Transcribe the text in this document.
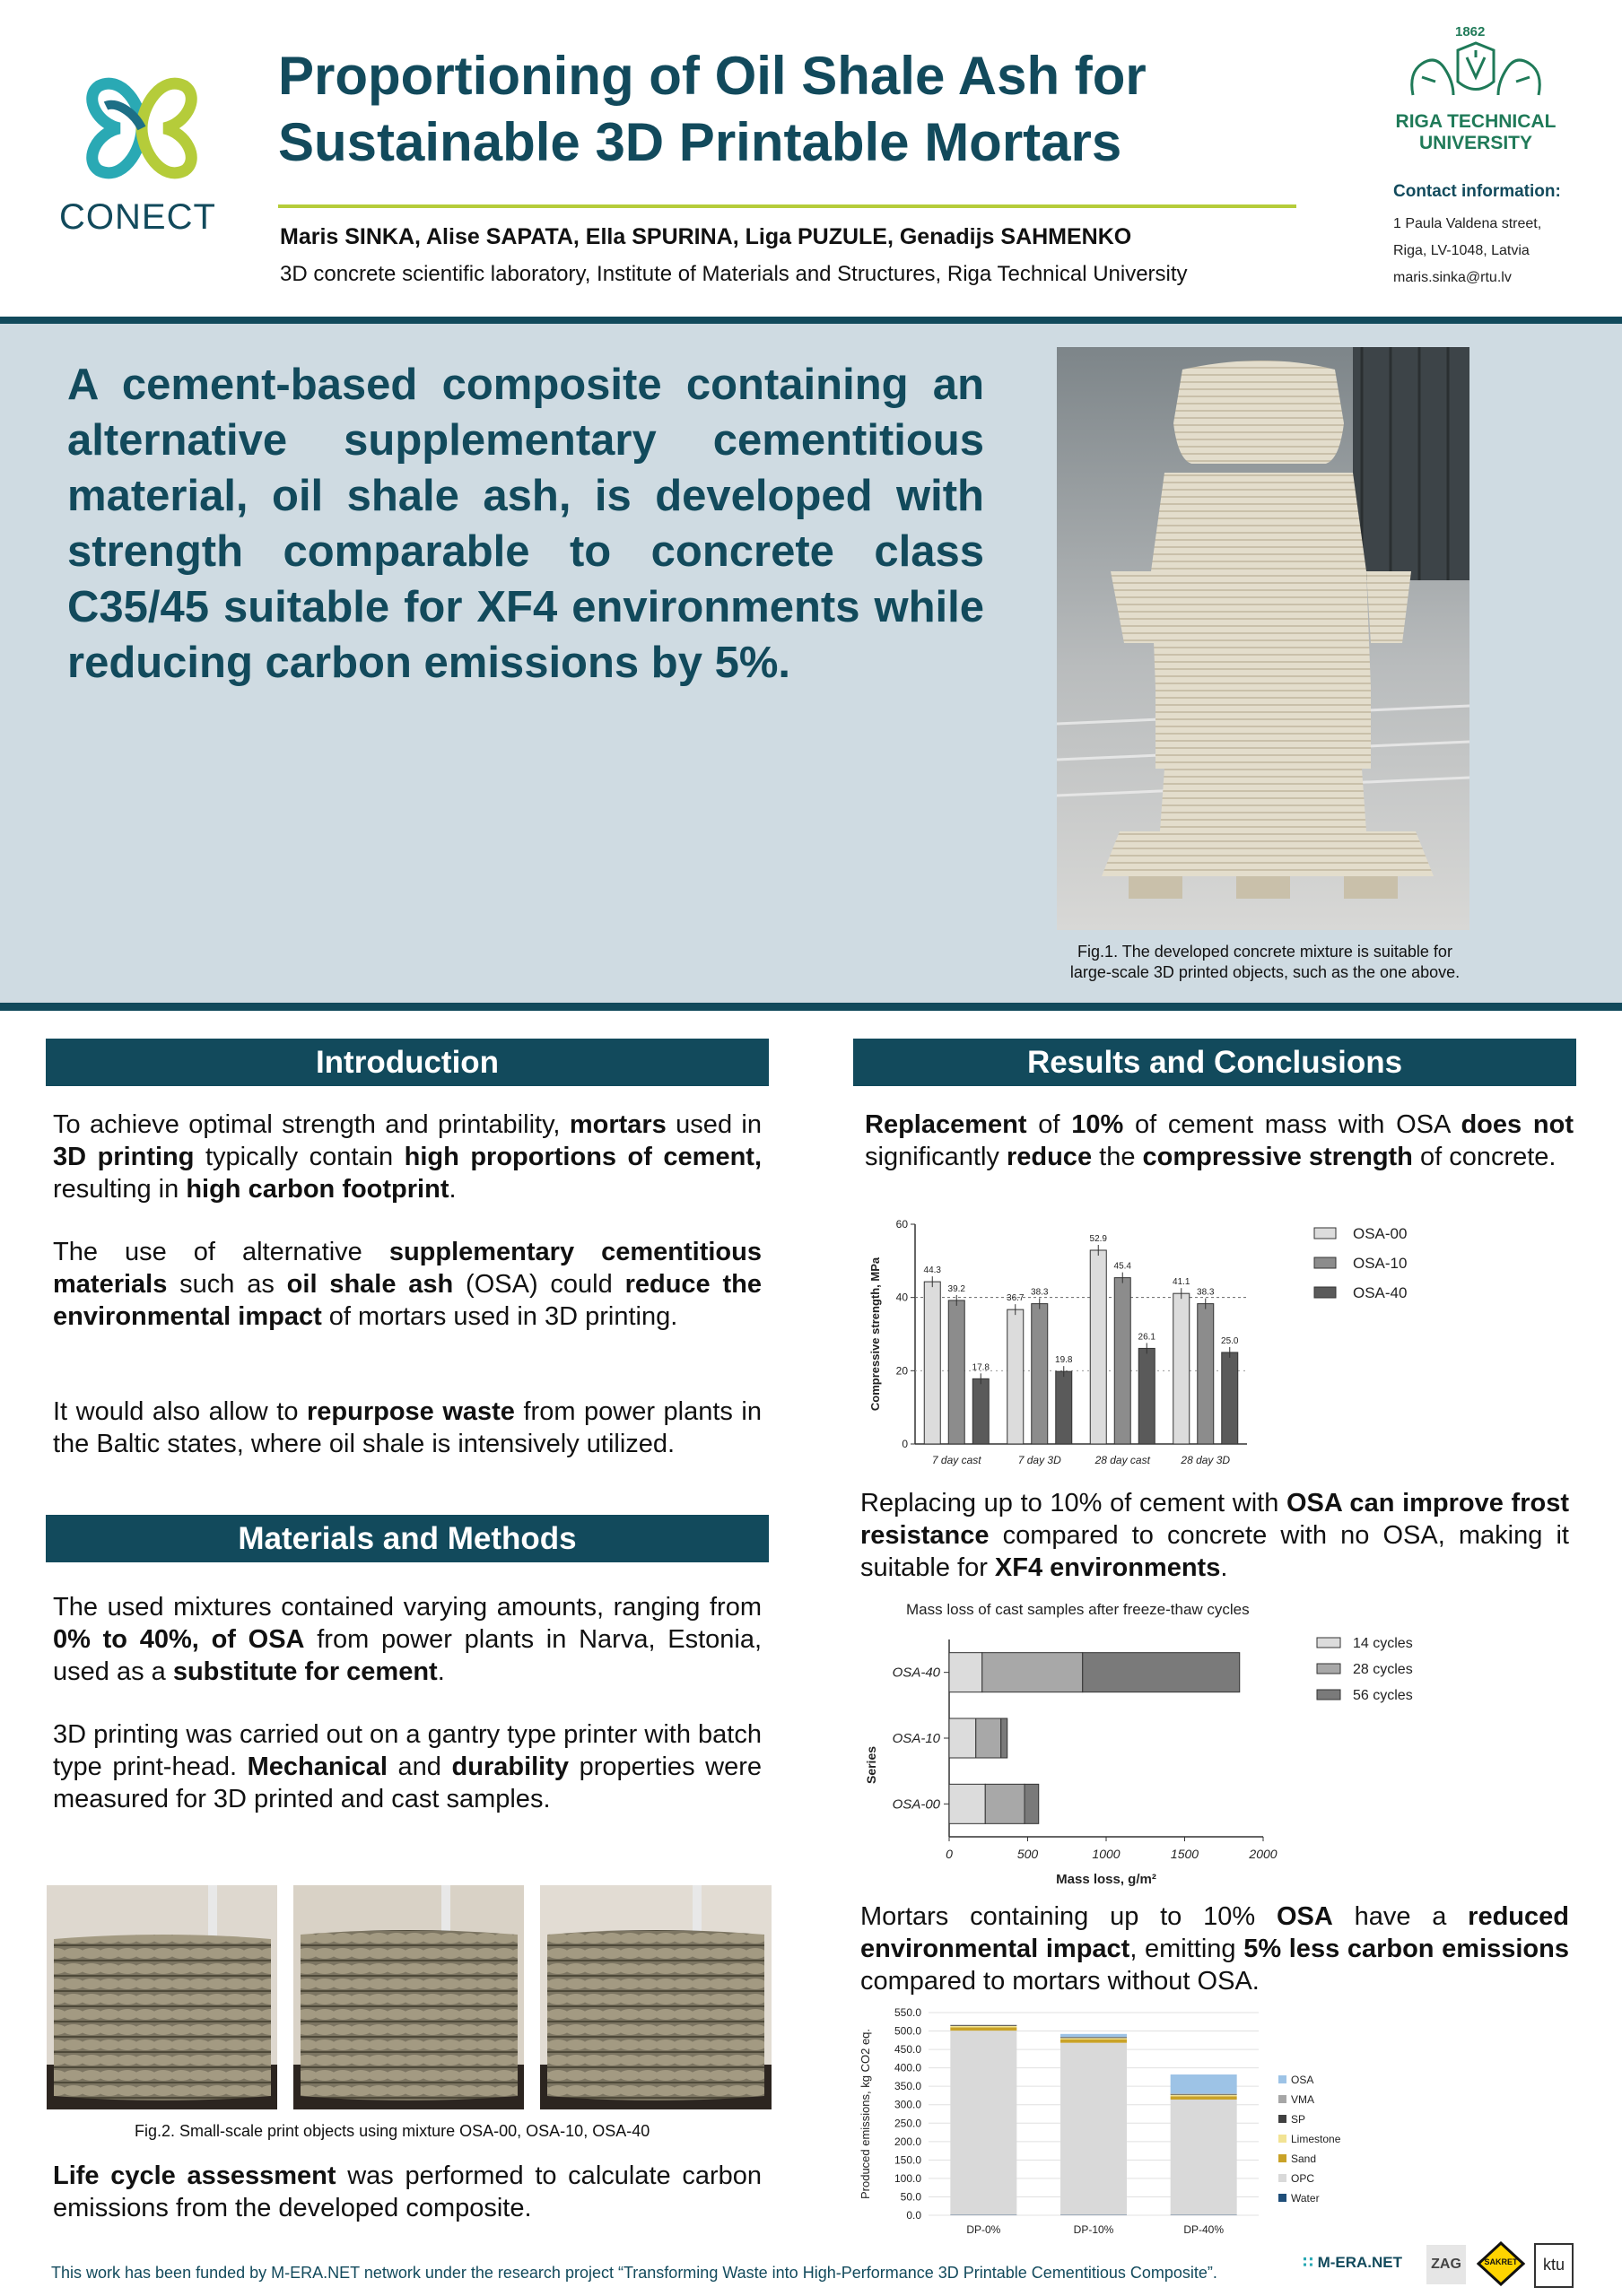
CONECT
Proportioning of Oil Shale Ash for
Sustainable 3D Printable Mortars
Maris SINKA, Alise SAPATA, Ella SPURINA, Liga PUZULE, Genadijs SAHMENKO
3D concrete scientific laboratory, Institute of Materials and Structures, Riga Technical University
1862
RIGA TECHNICAL
UNIVERSITY
Contact information:
1 Paula Valdena street,
Riga, LV-1048, Latvia
maris.sinka@rtu.lv

A cement-based composite containing an alternative supplementary cementitious material, oil shale ash, is developed with strength comparable to concrete class C35/45 suitable for XF4 environments while reducing carbon emissions by 5%.

Fig.1. The developed concrete mixture is suitable for
large-scale 3D printed objects, such as the one above.
Introduction
To achieve optimal strength and printability, mortars used in 3D printing typically contain high proportions of cement, resulting in high carbon footprint.
The use of alternative supplementary cementitious materials such as oil shale ash (OSA) could reduce the environmental impact of mortars used in 3D printing.
It would also allow to repurpose waste from power plants in the Baltic states, where oil shale is intensively utilized.
Materials and Methods
The used mixtures contained varying amounts, ranging from 0% to 40%, of OSA from power plants in Narva, Estonia, used as a substitute for cement.
3D printing was carried out on a gantry type printer with batch type print-head. Mechanical and durability properties were measured for 3D printed and cast samples.
Fig.2. Small-scale print objects using mixture OSA-00, OSA-10, OSA-40
Life cycle assessment was performed to calculate carbon emissions from the developed composite.
Results and Conclusions
Replacement of 10% of cement mass with OSA does not significantly reduce the compressive strength of concrete.
0
20
40
60
Compressive strength, MPa	44.3
39.2
17.8
7 day cast
36.7
38.3
19.8
7 day 3D
52.9
45.4
26.1
28 day cast
41.1
38.3
25.0
28 day 3D
OSA-00
OSA-10
OSA-40
Replacing up to 10% of cement with OSA can improve frost resistance compared to concrete with no OSA, making it suitable for XF4 environments.
Mass loss of cast samples after freeze-thaw cycles
0	500	1000	1500	2000
Mass loss, g/m²
Series
OSA-40
OSA-10
OSA-00
14 cycles
28 cycles
56 cycles
Mortars containing up to 10% OSA have a reduced environmental impact, emitting 5% less carbon emissions compared to mortars without OSA.
0.0
50.0
100.0
150.0
200.0
250.0
300.0
350.0
400.0
450.0
500.0
550.0
Produced emissions, kg CO2 eq.
DP-0%	DP-10%	DP-40%
OSA
VMA
SP
Limestone
Sand
OPC
Water
This work has been funded by M-ERA.NET network under the research project “Transforming Waste into High-Performance 3D Printable Cementitious Composite”.
∷ M-ERA.NET	ZAG	SAKRET	ktu
